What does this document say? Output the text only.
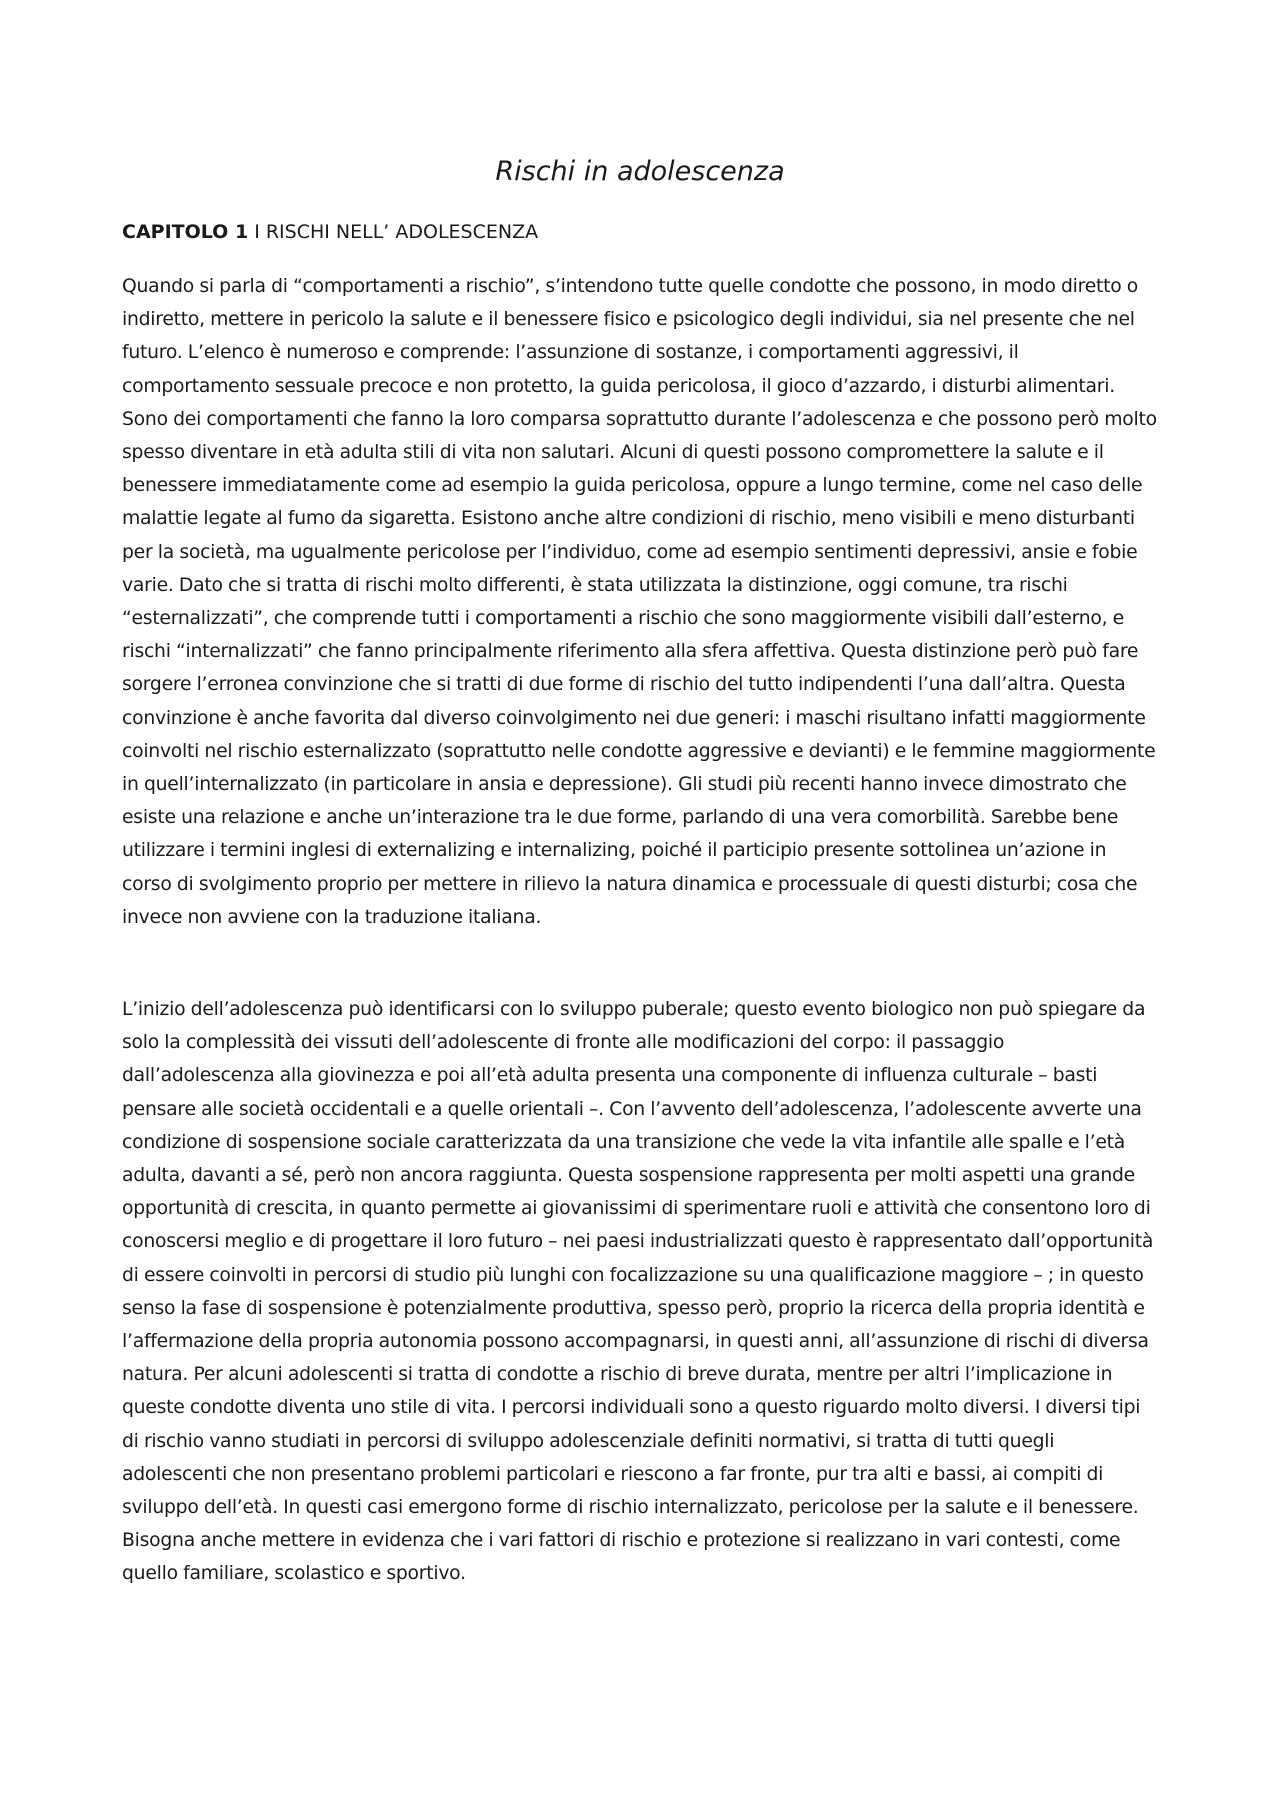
Rischi in adolescenza
CAPITOLO 1 I RISCHI NELL’ ADOLESCENZA

Quando si parla di “comportamenti a rischio”, s’intendono tutte quelle condotte che possono, in modo diretto o indiretto, mettere in pericolo la salute e il benessere fisico e psicologico degli individui, sia nel presente che nel futuro. L’elenco è numeroso e comprende: l’assunzione di sostanze, i comportamenti aggressivi, il comportamento sessuale precoce e non protetto, la guida pericolosa, il gioco d’azzardo, i disturbi alimentari. Sono dei comportamenti che fanno la loro comparsa soprattutto durante l’adolescenza e che possono però molto spesso diventare in età adulta stili di vita non salutari. Alcuni di questi possono compromettere la salute e il benessere immediatamente come ad esempio la guida pericolosa, oppure a lungo termine, come nel caso delle malattie legate al fumo da sigaretta. Esistono anche altre condizioni di rischio, meno visibili e meno disturbanti per la società, ma ugualmente pericolose per l’individuo, come ad esempio sentimenti depressivi, ansie e fobie varie. Dato che si tratta di rischi molto differenti, è stata utilizzata la distinzione, oggi comune, tra rischi “esternalizzati”, che comprende tutti i comportamenti a rischio che sono maggiormente visibili dall’esterno, e rischi “internalizzati” che fanno principalmente riferimento alla sfera affettiva. Questa distinzione però può fare sorgere l’erronea convinzione che si tratti di due forme di rischio del tutto indipendenti l’una dall’altra. Questa convinzione è anche favorita dal diverso coinvolgimento nei due generi: i maschi risultano infatti maggiormente coinvolti nel rischio esternalizzato (soprattutto nelle condotte aggressive e devianti) e le femmine maggiormente in quell’internalizzato (in particolare in ansia e depressione). Gli studi più recenti hanno invece dimostrato che esiste una relazione e anche un’interazione tra le due forme, parlando di una vera comorbilità. Sarebbe bene utilizzare i termini inglesi di externalizing e internalizing, poiché il participio presente sottolinea un’azione in corso di svolgimento proprio per mettere in rilievo la natura dinamica e processuale di questi disturbi; cosa che invece non avviene con la traduzione italiana.

L’inizio dell’adolescenza può identificarsi con lo sviluppo puberale; questo evento biologico non può spiegare da solo la complessità dei vissuti dell’adolescente di fronte alle modificazioni del corpo: il passaggio dall’adolescenza alla giovinezza e poi all’età adulta presenta una componente di influenza culturale – basti pensare alle società occidentali e a quelle orientali –. Con l’avvento dell’adolescenza, l’adolescente avverte una condizione di sospensione sociale caratterizzata da una transizione che vede la vita infantile alle spalle e l’età adulta, davanti a sé, però non ancora raggiunta. Questa sospensione rappresenta per molti aspetti una grande opportunità di crescita, in quanto permette ai giovanissimi di sperimentare ruoli e attività che consentono loro di conoscersi meglio e di progettare il loro futuro – nei paesi industrializzati questo è rappresentato dall’opportunità di essere coinvolti in percorsi di studio più lunghi con focalizzazione su una qualificazione maggiore – ; in questo senso la fase di sospensione è potenzialmente produttiva, spesso però, proprio la ricerca della propria identità e l’affermazione della propria autonomia possono accompagnarsi, in questi anni, all’assunzione di rischi di diversa natura. Per alcuni adolescenti si tratta di condotte a rischio di breve durata, mentre per altri l’implicazione in queste condotte diventa uno stile di vita. I percorsi individuali sono a questo riguardo molto diversi. I diversi tipi di rischio vanno studiati in percorsi di sviluppo adolescenziale definiti normativi, si tratta di tutti quegli adolescenti che non presentano problemi particolari e riescono a far fronte, pur tra alti e bassi, ai compiti di sviluppo dell’età. In questi casi emergono forme di rischio internalizzato, pericolose per la salute e il benessere. Bisogna anche mettere in evidenza che i vari fattori di rischio e protezione si realizzano in vari contesti, come quello familiare, scolastico e sportivo.
